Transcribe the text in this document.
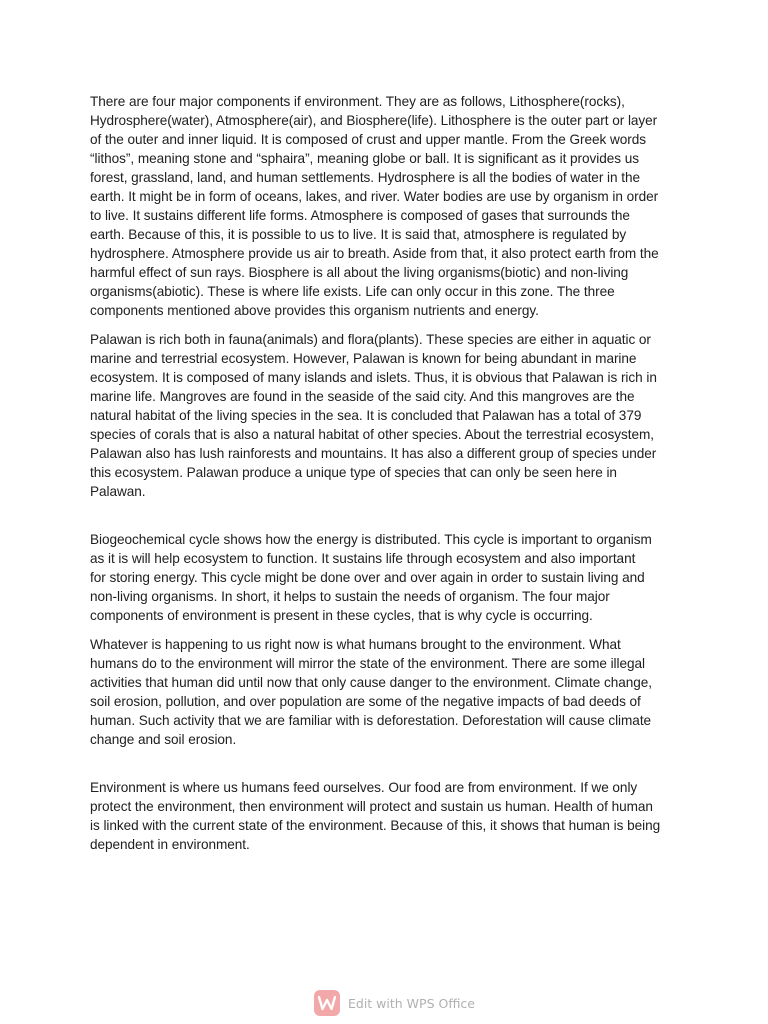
There are four major components if environment. They are as follows, Lithosphere(rocks),
Hydrosphere(water), Atmosphere(air), and Biosphere(life). Lithosphere is the outer part or layer
of the outer and inner liquid. It is composed of crust and upper mantle. From the Greek words
“lithos”, meaning stone and “sphaira”, meaning globe or ball. It is significant as it provides us
forest, grassland, land, and human settlements. Hydrosphere is all the bodies of water in the
earth. It might be in form of oceans, lakes, and river. Water bodies are use by organism in order
to live. It sustains different life forms. Atmosphere is composed of gases that surrounds the
earth. Because of this, it is possible to us to live. It is said that, atmosphere is regulated by
hydrosphere. Atmosphere provide us air to breath. Aside from that, it also protect earth from the
harmful effect of sun rays. Biosphere is all about the living organisms(biotic) and non-living
organisms(abiotic). These is where life exists. Life can only occur in this zone. The three
components mentioned above provides this organism nutrients and energy.

Palawan is rich both in fauna(animals) and flora(plants). These species are either in aquatic or
marine and terrestrial ecosystem. However, Palawan is known for being abundant in marine
ecosystem. It is composed of many islands and islets. Thus, it is obvious that Palawan is rich in
marine life. Mangroves are found in the seaside of the said city. And this mangroves are the
natural habitat of the living species in the sea. It is concluded that Palawan has a total of 379
species of corals that is also a natural habitat of other species. About the terrestrial ecosystem,
Palawan also has lush rainforests and mountains. It has also a different group of species under
this ecosystem. Palawan produce a unique type of species that can only be seen here in
Palawan.

Biogeochemical cycle shows how the energy is distributed. This cycle is important to organism
as it is will help ecosystem to function. It sustains life through ecosystem and also important
for storing energy. This cycle might be done over and over again in order to sustain living and
non-living organisms. In short, it helps to sustain the needs of organism. The four major
components of environment is present in these cycles, that is why cycle is occurring.

Whatever is happening to us right now is what humans brought to the environment. What
humans do to the environment will mirror the state of the environment. There are some illegal
activities that human did until now that only cause danger to the environment. Climate change,
soil erosion, pollution, and over population are some of the negative impacts of bad deeds of
human. Such activity that we are familiar with is deforestation. Deforestation will cause climate
change and soil erosion.

Environment is where us humans feed ourselves. Our food are from environment. If we only
protect the environment, then environment will protect and sustain us human. Health of human
is linked with the current state of the environment. Because of this, it shows that human is being
dependent in environment.

Edit with WPS Office
